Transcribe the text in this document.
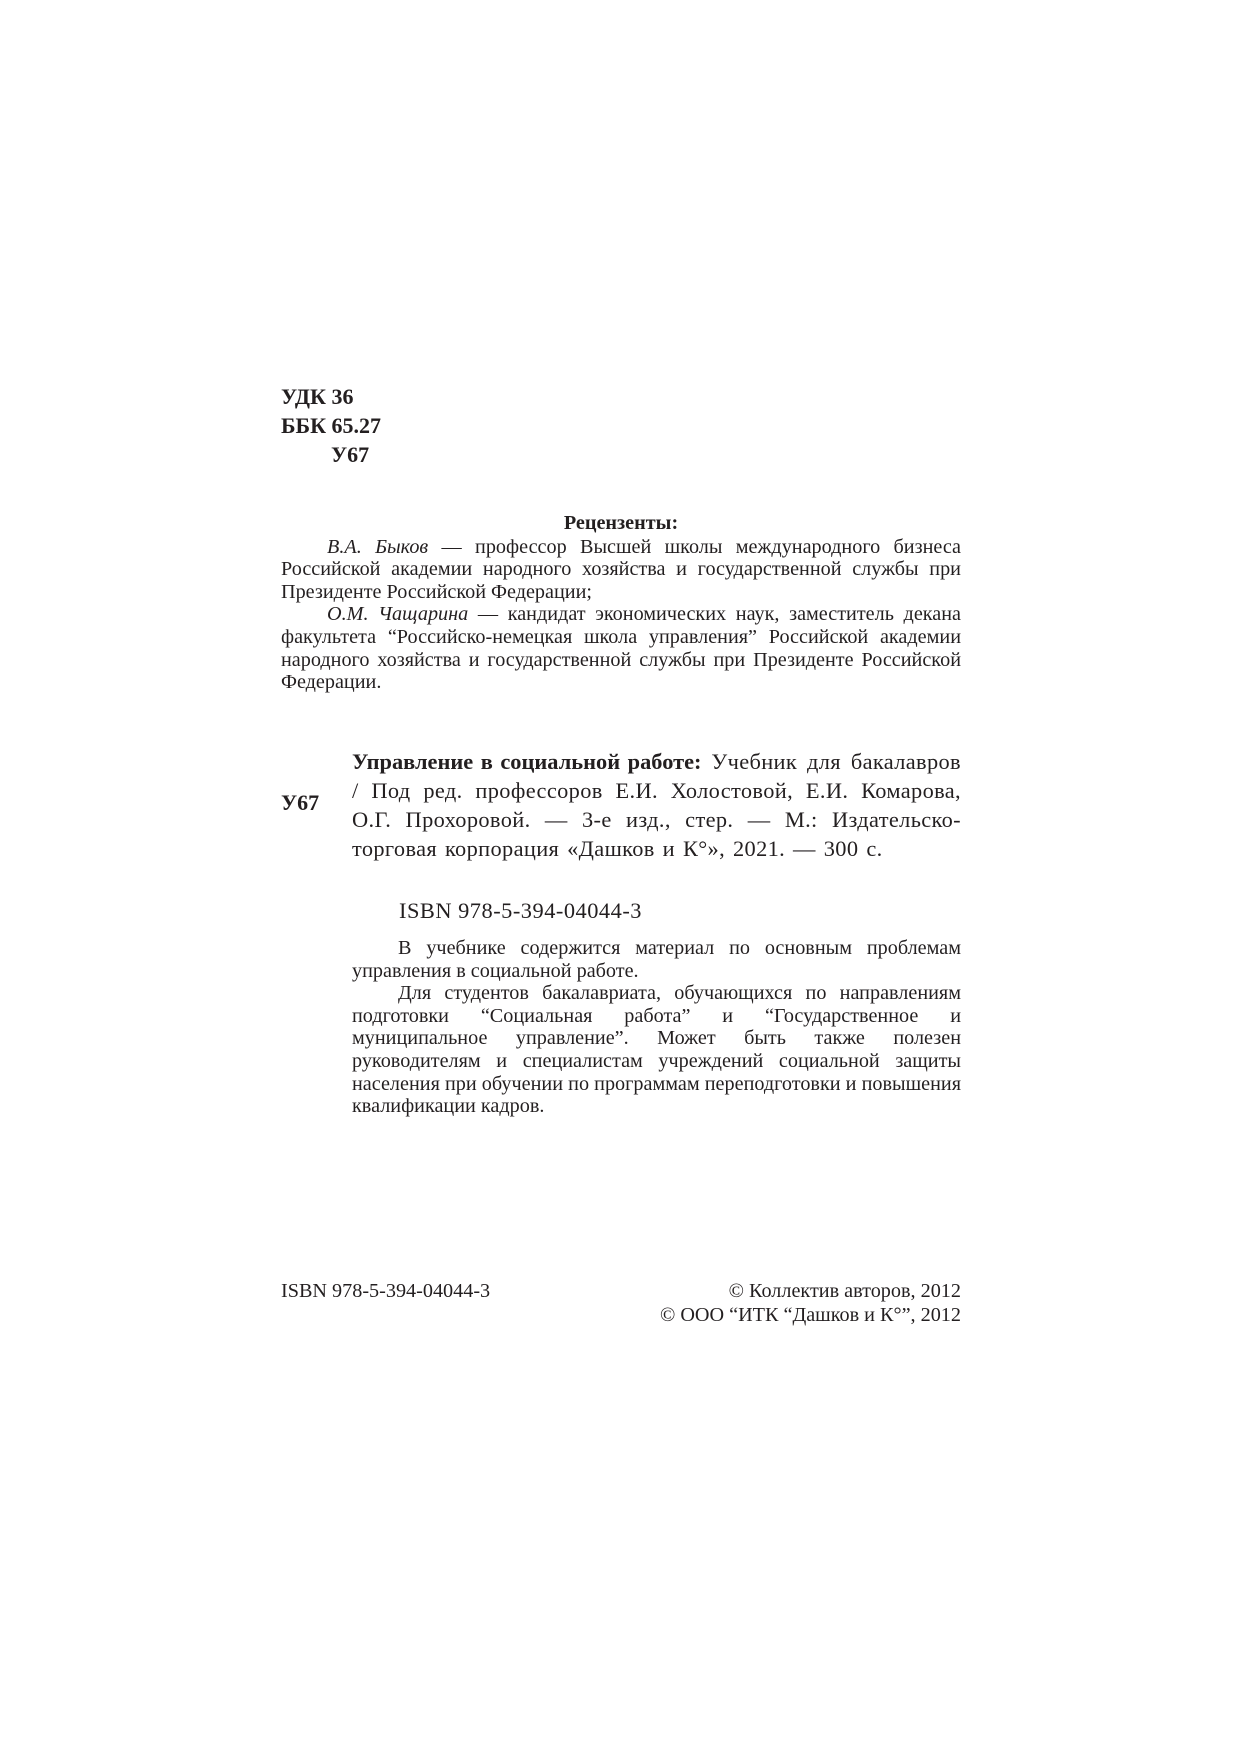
УДК 36
ББК 65.27
У67
Рецензенты:

В.А. Быков — профессор Высшей школы международного бизнеса Российской академии народного хозяйства и государственной службы при Президенте Российской Федерации;

О.М. Чащарина — кандидат экономических наук, заместитель декана факультета “Российско-немецкая школа управления” Российской академии народного хозяйства и государственной службы при Президенте Российской Федерации.

У67
Управление в социальной работе: Учебник для бакалавров / Под ред. профессоров Е.И. Холостовой, Е.И. Комарова, О.Г. Прохоровой. — 3-е изд., стер. — М.: Издательско-торговая корпорация «Дашков и К°», 2021. — 300 с.
ISBN 978-5-394-04044-3

В учебнике содержится материал по основным проблемам управления в социальной работе.

Для студентов бакалавриата, обучающихся по направлениям подготовки “Социальная работа” и “Государственное и муниципальное управление”. Может быть также полезен руководителям и специалистам учреждений социальной защиты населения при обучении по программам переподготовки и повышения квалификации кадров.

ISBN 978-5-394-04044-3	© Коллектив авторов, 2012
© ООО “ИТК “Дашков и К°”, 2012
